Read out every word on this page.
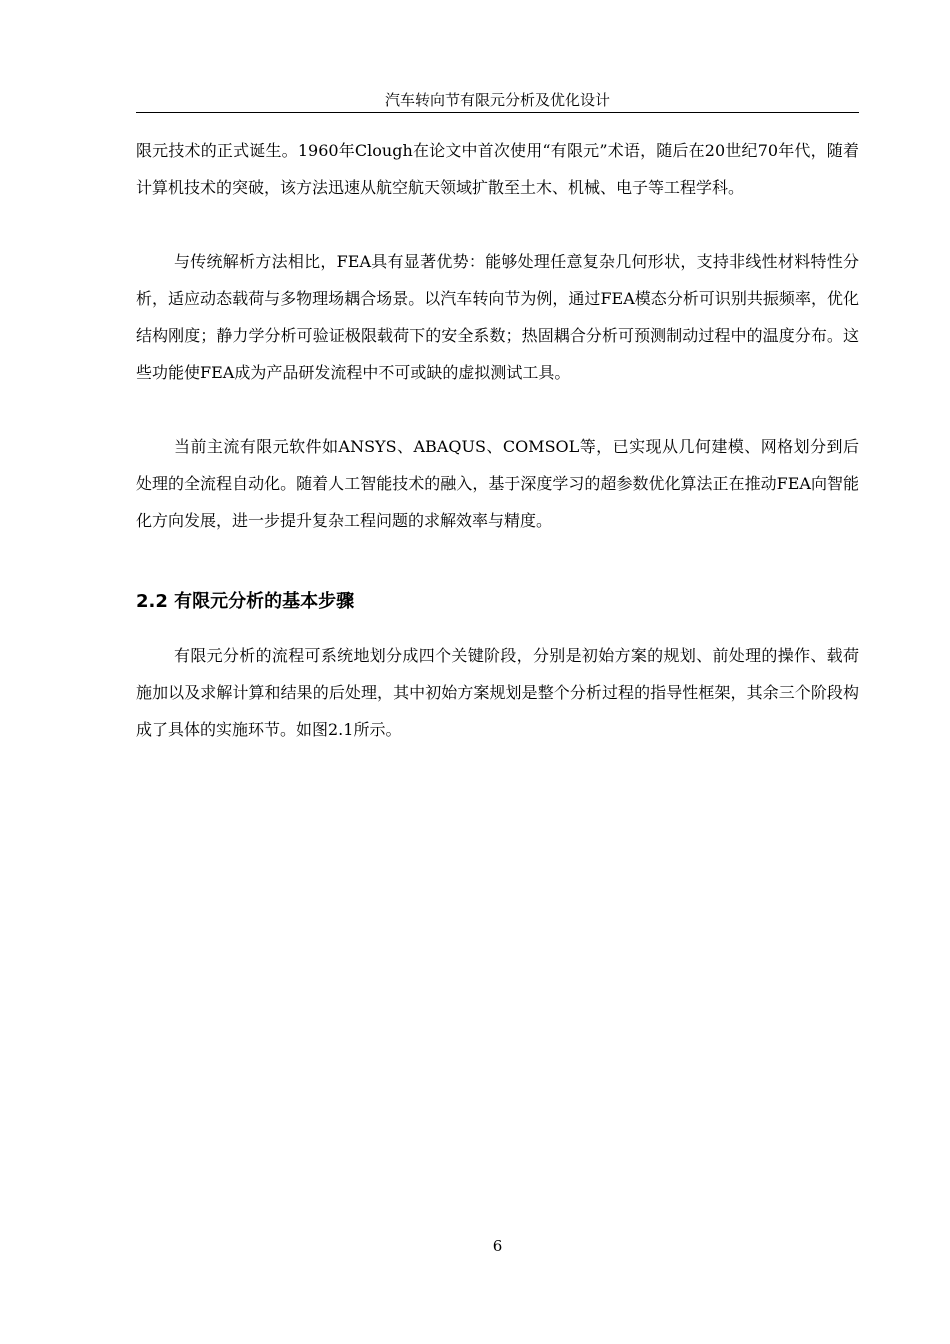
汽车转向节有限元分析及优化设计

限元技术的正式诞生。1960年Clough在论文中首次使用“有限元”术语，随后在20世纪70年代，随着计算机技术的突破，该方法迅速从航空航天领域扩散至土木、机械、电子等工程学科。

与传统解析方法相比，FEA具有显著优势：能够处理任意复杂几何形状，支持非线性材料特性分析，适应动态载荷与多物理场耦合场景。以汽车转向节为例，通过FEA模态分析可识别共振频率，优化结构刚度；静力学分析可验证极限载荷下的安全系数；热固耦合分析可预测制动过程中的温度分布。这些功能使FEA成为产品研发流程中不可或缺的虚拟测试工具。

当前主流有限元软件如ANSYS、ABAQUS、COMSOL等，已实现从几何建模、网格划分到后处理的全流程自动化。随着人工智能技术的融入，基于深度学习的超参数优化算法正在推动FEA向智能化方向发展，进一步提升复杂工程问题的求解效率与精度。

2.2 有限元分析的基本步骤

有限元分析的流程可系统地划分成四个关键阶段，分别是初始方案的规划、前处理的操作、载荷施加以及求解计算和结果的后处理，其中初始方案规划是整个分析过程的指导性框架，其余三个阶段构成了具体的实施环节。如图2.1所示。

6
